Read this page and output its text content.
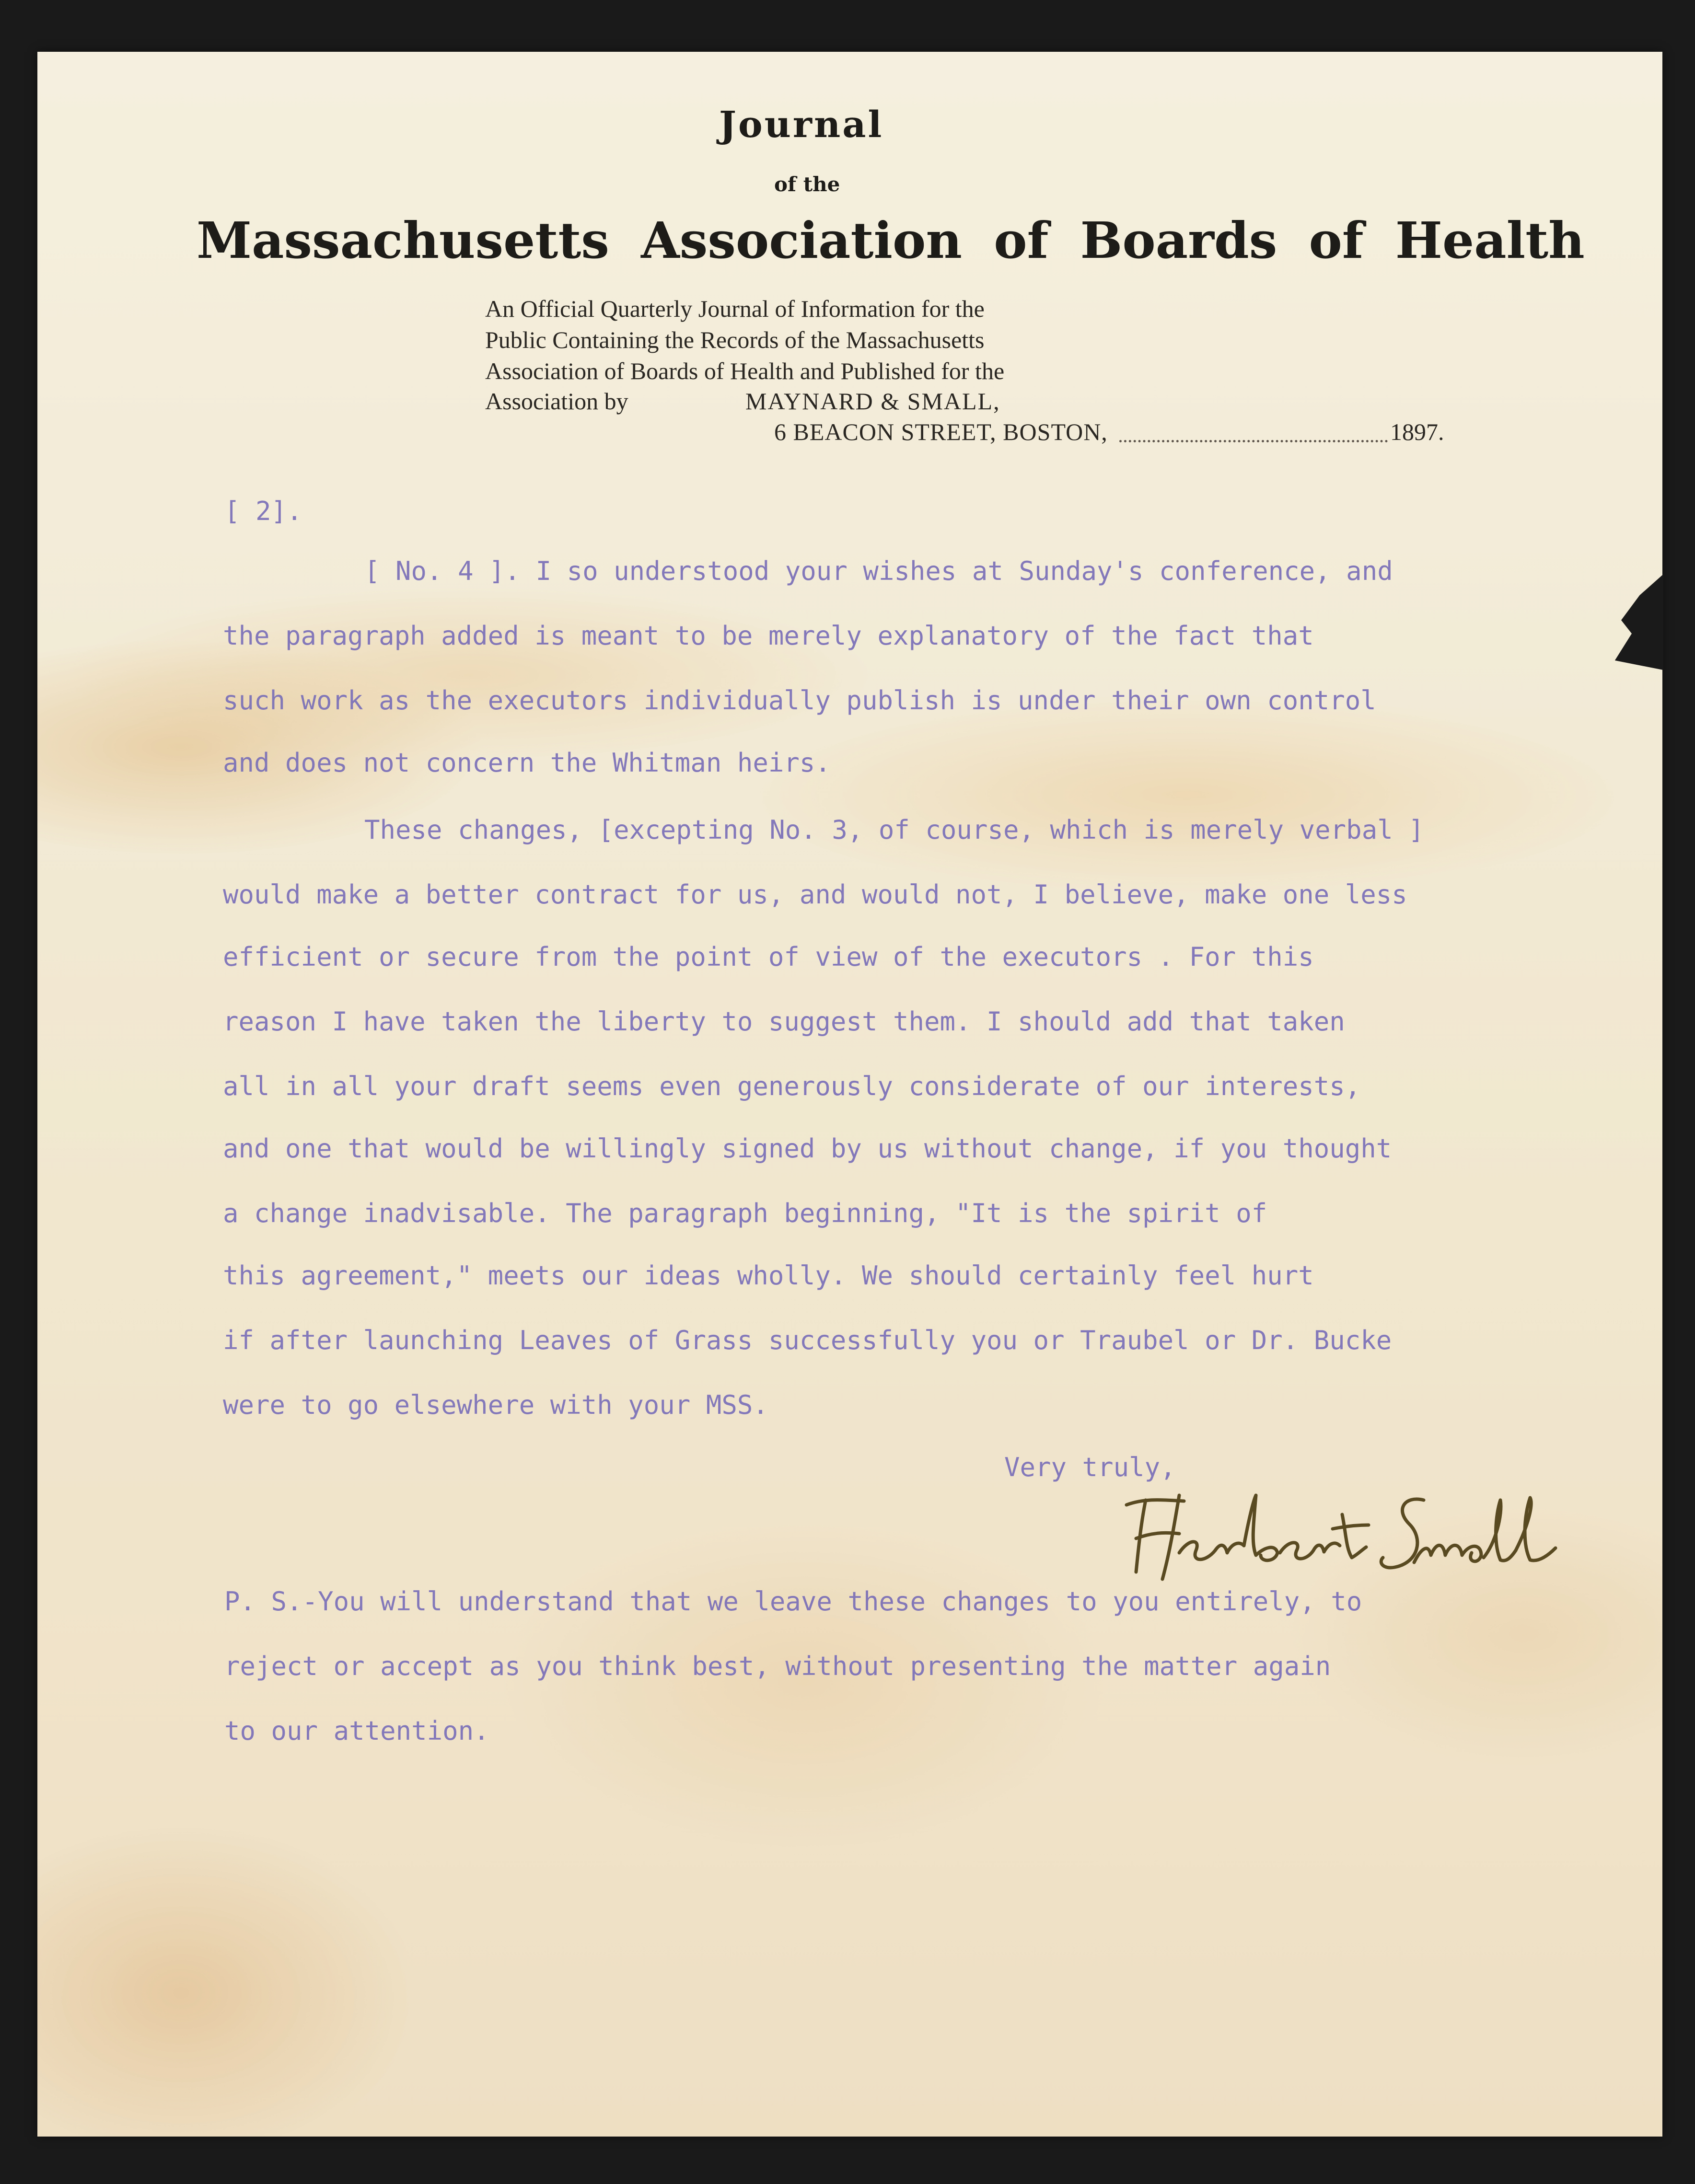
Journal
of the
Massachusetts Association of Boards of Health
An Official Quarterly Journal of Information for the
Public Containing the Records of the Massachusetts
Association of Boards of Health and Published for the
Association by	MAYNARD & SMALL,
6 BEACON STREET, BOSTON,	1897.
[ 2].
[ No. 4 ]. I so understood your wishes at Sunday's conference, and
the paragraph added is meant to be merely explanatory of the fact that
such work as the executors individually publish is under their own control
and does not concern the Whitman heirs.
These changes, [excepting No. 3, of course, which is merely verbal ]
would make a better contract for us, and would not, I believe, make one less
efficient or secure from the point of view of the executors . For this
reason I have taken the liberty to suggest them. I should add that taken
all in all your draft seems even generously considerate of our interests,
and one that would be willingly signed by us without change, if you thought
a change inadvisable. The paragraph beginning, "It is the spirit of
this agreement," meets our ideas wholly. We should certainly feel hurt
if after launching Leaves of Grass successfully you or Traubel or Dr. Bucke
were to go elsewhere with your MSS.
Very truly,
P. S.-You will understand that we leave these changes to you entirely, to
reject or accept as you think best, without presenting the matter again
to our attention.
